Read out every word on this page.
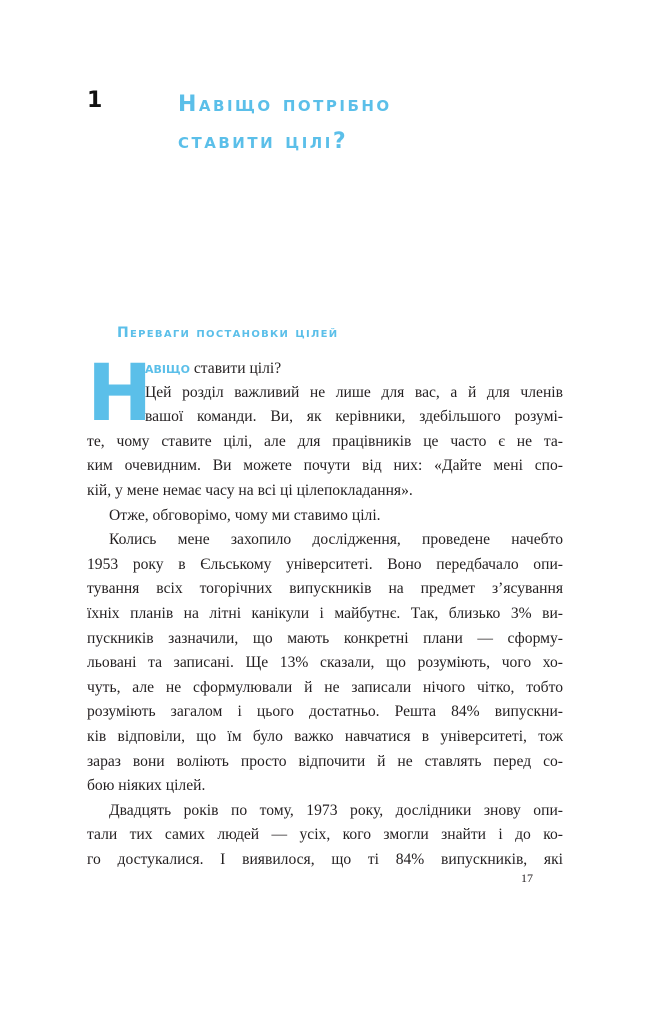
1	Навіщо потрібно
ставити цілі?
Переваги постановки цілей
Н
авіщо ставити цілі?
Цей розділ важливий не лише для вас, а й для членів
вашої команди. Ви, як керівники, здебільшого розумі-
те, чому ставите цілі, але для працівників це часто є не та-
ким очевидним. Ви можете почути від них: «Дайте мені спо-
кій, у мене немає часу на всі ці цілепокладання».
Отже, обговорімо, чому ми ставимо цілі.
Колись мене захопило дослідження, проведене начебто
1953 року в Єльському університеті. Воно передбачало опи-
тування всіх тогорічних випускників на предмет з’ясування
їхніх планів на літні канікули і майбутнє. Так, близько 3% ви-
пускників зазначили, що мають конкретні плани — сформу-
льовані та записані. Ще 13% сказали, що розуміють, чого хо-
чуть, але не сформулювали й не записали нічого чітко, тобто
розуміють загалом і цього достатньо. Решта 84% випускни-
ків відповіли, що їм було важко навчатися в університеті, тож
зараз вони воліють просто відпочити й не ставлять перед со-
бою ніяких цілей.
Двадцять років по тому, 1973 року, дослідники знову опи-
тали тих самих людей — усіх, кого змогли знайти і до ко-
го достукалися. І виявилося, що ті 84% випускників, які
17
